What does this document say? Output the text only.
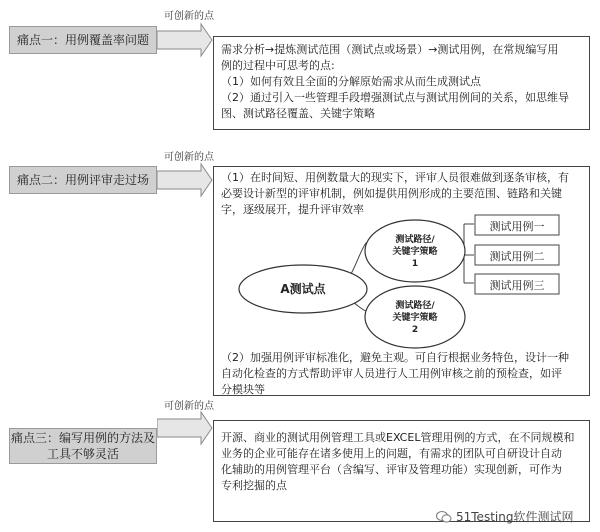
痛点一：用例覆盖率问题
可创新的点
需求分析→提炼测试范围（测试点或场景）→测试用例，在常规编写用
例的过程中可思考的点:
（1）如何有效且全面的分解原始需求从而生成测试点
（2）通过引入一些管理手段增强测试点与测试用例间的关系，如思维导
图、测试路径覆盖、关键字策略
痛点二：用例评审走过场
可创新的点
（1）在时间短、用例数量大的现实下，评审人员很难做到逐条审核，有
必要设计新型的评审机制，例如提供用例形成的主要范围、链路和关键
字，逐级展开，提升评审效率
A测试点
测试路径/
关键字策略
1
测试路径/
关键字策略
2
测试用例一
测试用例二
测试用例三
（2）加强用例评审标准化，避免主观。可自行根据业务特色，设计一种
自动化检查的方式帮助评审人员进行人工用例审核之前的预检查，如评
分模块等
痛点三：编写用例的方法及
工具不够灵活
可创新的点
开源、商业的测试用例管理工具或EXCEL管理用例的方式，在不同规模和
业务的企业可能存在诸多使用上的问题，有需求的团队可自研设计自动
化辅助的用例管理平台（含编写、评审及管理功能）实现创新，可作为
专利挖掘的点
51Testing软件测试网
